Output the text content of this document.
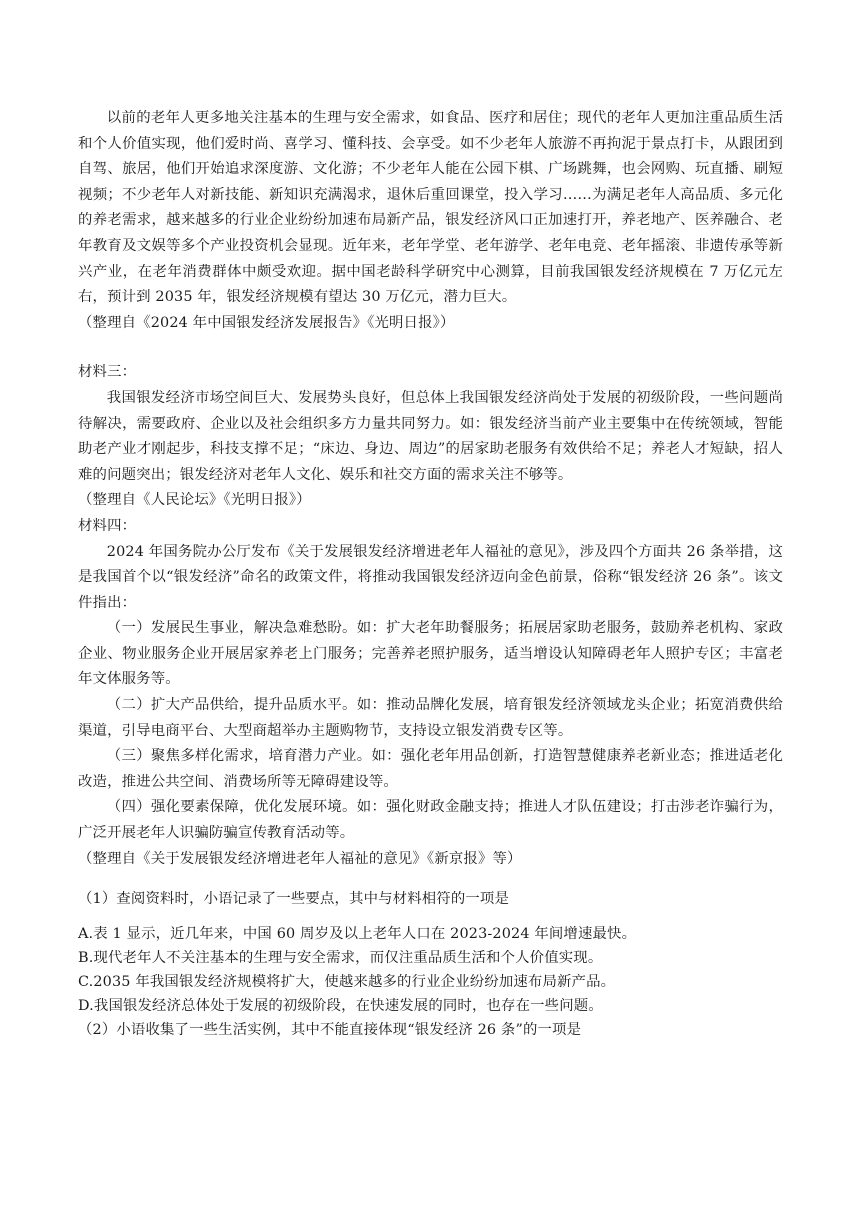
以前的老年人更多地关注基本的生理与安全需求，如食品、医疗和居住；现代的老年人更加注重品质生活和个人价值实现，他们爱时尚、喜学习、懂科技、会享受。如不少老年人旅游不再拘泥于景点打卡，从跟团到自驾、旅居，他们开始追求深度游、文化游；不少老年人能在公园下棋、广场跳舞，也会网购、玩直播、刷短视频；不少老年人对新技能、新知识充满渴求，退休后重回课堂，投入学习……为满足老年人高品质、多元化的养老需求，越来越多的行业企业纷纷加速布局新产品，银发经济风口正加速打开，养老地产、医养融合、老年教育及文娱等多个产业投资机会显现。近年来，老年学堂、老年游学、老年电竞、老年摇滚、非遗传承等新兴产业，在老年消费群体中颇受欢迎。据中国老龄科学研究中心测算，目前我国银发经济规模在 7 万亿元左右，预计到 2035 年，银发经济规模有望达 30 万亿元，潜力巨大。

（整理自《2024 年中国银发经济发展报告》《光明日报》）

材料三：

我国银发经济市场空间巨大、发展势头良好，但总体上我国银发经济尚处于发展的初级阶段，一些问题尚待解决，需要政府、企业以及社会组织多方力量共同努力。如：银发经济当前产业主要集中在传统领域，智能助老产业才刚起步，科技支撑不足；“床边、身边、周边”的居家助老服务有效供给不足；养老人才短缺，招人难的问题突出；银发经济对老年人文化、娱乐和社交方面的需求关注不够等。

（整理自《人民论坛》《光明日报》）

材料四：

2024 年国务院办公厅发布《关于发展银发经济增进老年人福祉的意见》，涉及四个方面共 26 条举措，这是我国首个以“银发经济”命名的政策文件，将推动我国银发经济迈向金色前景，俗称“银发经济 26 条”。该文件指出：

（一）发展民生事业，解决急难愁盼。如：扩大老年助餐服务；拓展居家助老服务，鼓励养老机构、家政企业、物业服务企业开展居家养老上门服务；完善养老照护服务，适当增设认知障碍老年人照护专区；丰富老年文体服务等。

（二）扩大产品供给，提升品质水平。如：推动品牌化发展，培育银发经济领域龙头企业；拓宽消费供给渠道，引导电商平台、大型商超举办主题购物节，支持设立银发消费专区等。

（三）聚焦多样化需求，培育潜力产业。如：强化老年用品创新，打造智慧健康养老新业态；推进适老化改造，推进公共空间、消费场所等无障碍建设等。

（四）强化要素保障，优化发展环境。如：强化财政金融支持；推进人才队伍建设；打击涉老诈骗行为，广泛开展老年人识骗防骗宣传教育活动等。

（整理自《关于发展银发经济增进老年人福祉的意见》《新京报》等）

（1）查阅资料时，小语记录了一些要点，其中与材料相符的一项是

A.表 1 显示，近几年来，中国 60 周岁及以上老年人口在 2023-2024 年间增速最快。

B.现代老年人不关注基本的生理与安全需求，而仅注重品质生活和个人价值实现。

C.2035 年我国银发经济规模将扩大，使越来越多的行业企业纷纷加速布局新产品。

D.我国银发经济总体处于发展的初级阶段，在快速发展的同时，也存在一些问题。

（2）小语收集了一些生活实例，其中不能直接体现“银发经济 26 条”的一项是
